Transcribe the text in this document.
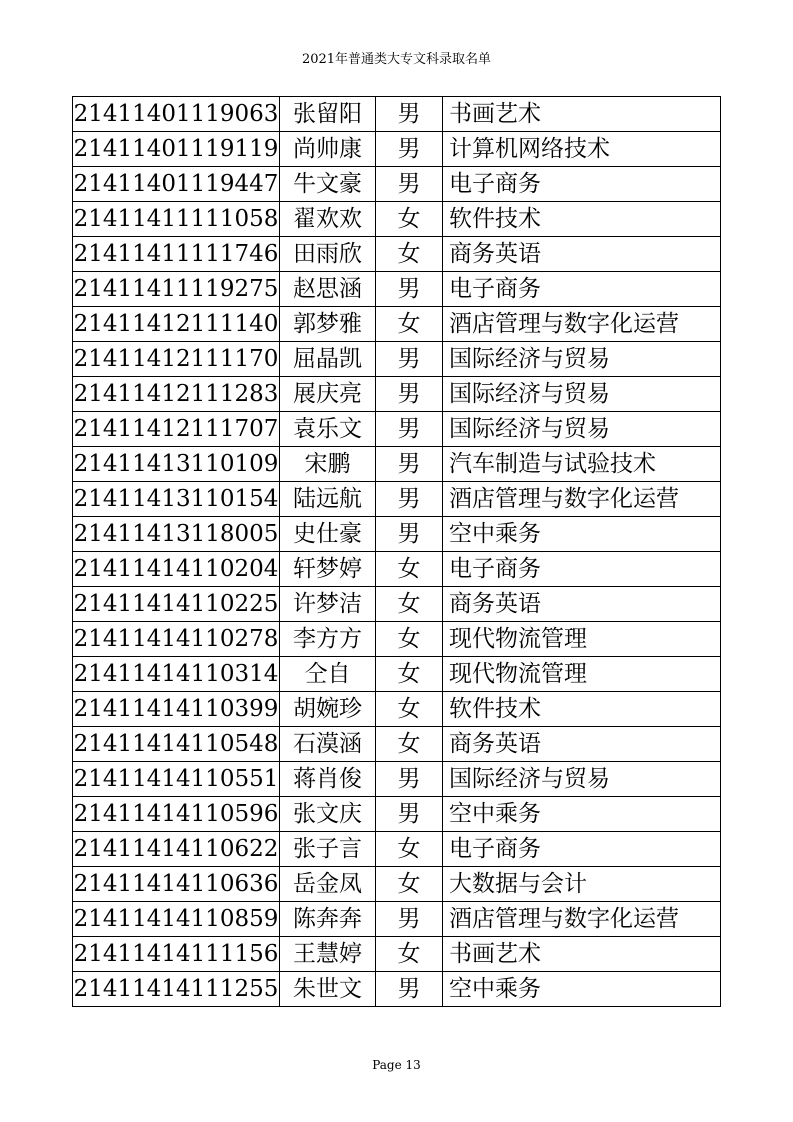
2021年普通类大专文科录取名单
21411401119063	张留阳	男	书画艺术
21411401119119	尚帅康	男	计算机网络技术
21411401119447	牛文豪	男	电子商务
21411411111058	翟欢欢	女	软件技术
21411411111746	田雨欣	女	商务英语
21411411119275	赵思涵	男	电子商务
21411412111140	郭梦雅	女	酒店管理与数字化运营
21411412111170	屈晶凯	男	国际经济与贸易
21411412111283	展庆亮	男	国际经济与贸易
21411412111707	袁乐文	男	国际经济与贸易
21411413110109	宋鹏	男	汽车制造与试验技术
21411413110154	陆远航	男	酒店管理与数字化运营
21411413118005	史仕豪	男	空中乘务
21411414110204	轩梦婷	女	电子商务
21411414110225	许梦洁	女	商务英语
21411414110278	李方方	女	现代物流管理
21411414110314	仝自	女	现代物流管理
21411414110399	胡婉珍	女	软件技术
21411414110548	石漠涵	女	商务英语
21411414110551	蒋肖俊	男	国际经济与贸易
21411414110596	张文庆	男	空中乘务
21411414110622	张子言	女	电子商务
21411414110636	岳金凤	女	大数据与会计
21411414110859	陈奔奔	男	酒店管理与数字化运营
21411414111156	王慧婷	女	书画艺术
21411414111255	朱世文	男	空中乘务
Page 13
